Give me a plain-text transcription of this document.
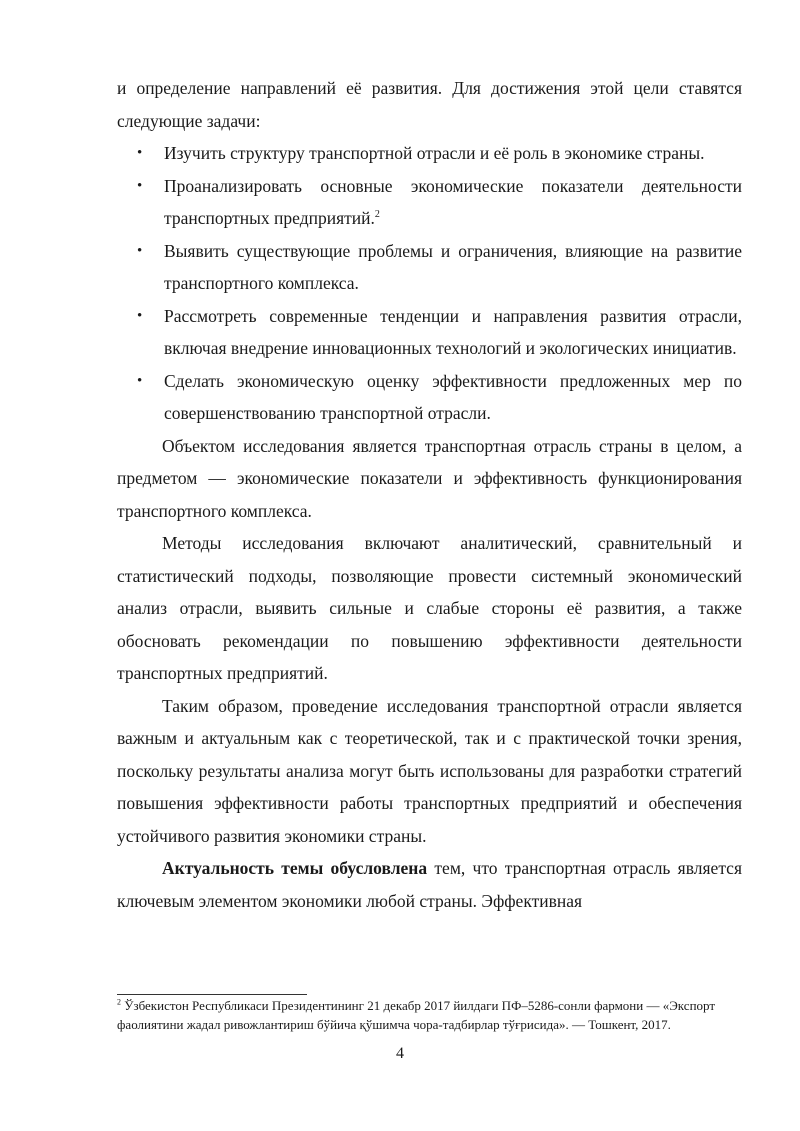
и определение направлений её развития. Для достижения этой цели ставятся следующие задачи:

• Изучить структуру транспортной отрасли и её роль в экономике страны.
• Проанализировать основные экономические показатели деятельности транспортных предприятий.$^2$
• Выявить существующие проблемы и ограничения, влияющие на развитие транспортного комплекса.
• Рассмотреть современные тенденции и направления развития отрасли, включая внедрение инновационных технологий и экологических инициатив.
• Сделать экономическую оценку эффективности предложенных мер по совершенствованию транспортной отрасли.

Объектом исследования является транспортная отрасль страны в целом, а предметом — экономические показатели и эффективность функционирования транспортного комплекса.

Методы исследования включают аналитический, сравнительный и статистический подходы, позволяющие провести системный экономический анализ отрасли, выявить сильные и слабые стороны её развития, а также обосновать рекомендации по повышению эффективности деятельности транспортных предприятий.

Таким образом, проведение исследования транспортной отрасли является важным и актуальным как с теоретической, так и с практической точки зрения, поскольку результаты анализа могут быть использованы для разработки стратегий повышения эффективности работы транспортных предприятий и обеспечения устойчивого развития экономики страны.

Актуальность темы обусловлена тем, что транспортная отрасль является ключевым элементом экономики любой страны. Эффективная

$^2$ Ўзбекистон Республикаси Президентининг 21 декабр 2017 йилдаги ПФ–5286-сонли фармони — «Экспорт фаолиятини жадал ривожлантириш бўйича қўшимча чора-тадбирлар тўғрисида». — Тошкент, 2017.
4
